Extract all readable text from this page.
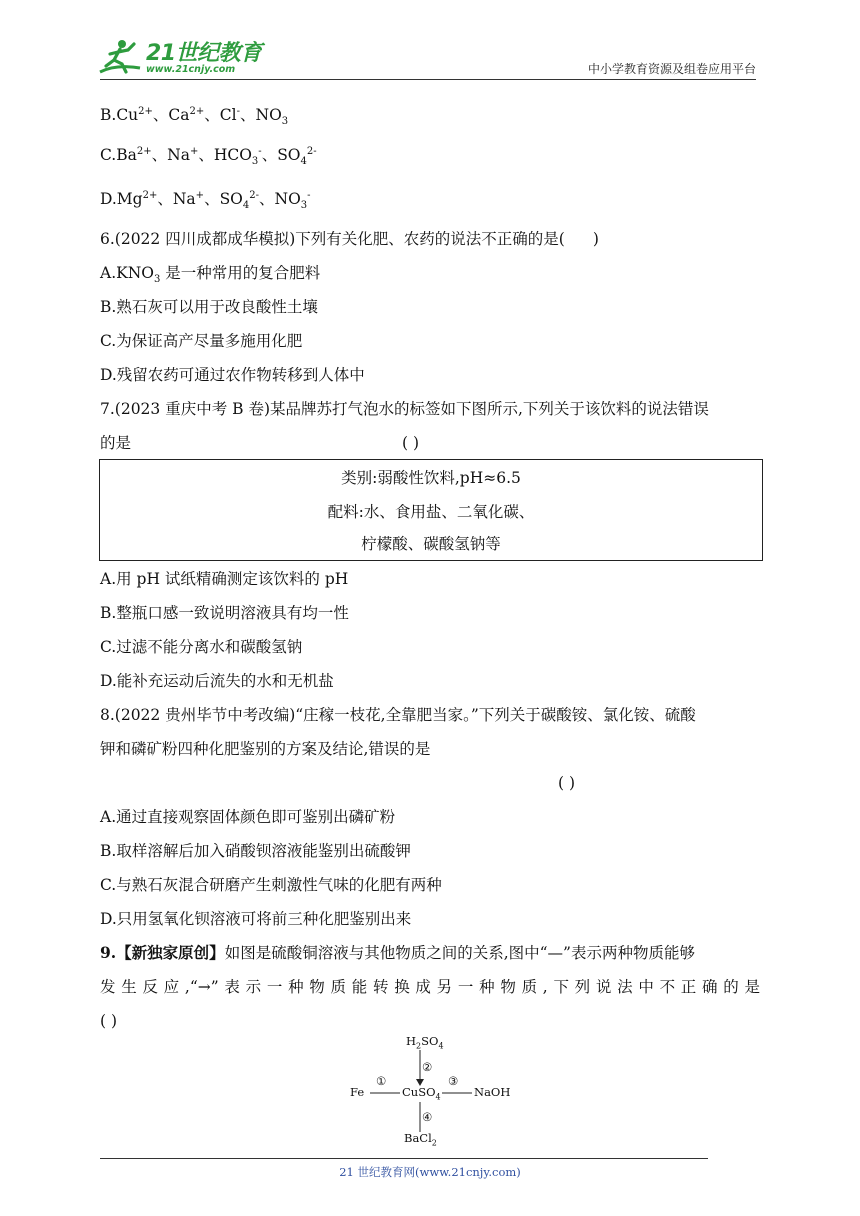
21世纪教育
www.21cnjy.com	中小学教育资源及组卷应用平台
$B.Cu^{2+}$、$Ca^{2+}$、Cl-、$NO_3$
$C.Ba^{2+}$、Na+、$HCO_3^-$、$SO_4^{2-}$
$D.Mg^{2+}$、Na+、$SO_4^{2-}$、$NO_3^-$
6.(2022 四川成都成华模拟)下列有关化肥、农药的说法不正确的是( )
$A.KNO_3$ 是一种常用的复合肥料
B.熟石灰可以用于改良酸性土壤
C.为保证高产尽量多施用化肥
D.残留农药可通过农作物转移到人体中
7.(2023 重庆中考 B 卷)某品牌苏打气泡水的标签如下图所示,下列关于该饮料的说法错误
的是	( )
类别:弱酸性饮料,pH≈6.5
配料:水、食用盐、二氧化碳、
柠檬酸、碳酸氢钠等
A.用 pH 试纸精确测定该饮料的 pH
B.整瓶口感一致说明溶液具有均一性
C.过滤不能分离水和碳酸氢钠
D.能补充运动后流失的水和无机盐
8.(2022 贵州毕节中考改编)“庄稼一枝花,全靠肥当家。”下列关于碳酸铵、氯化铵、硫酸
钾和磷矿粉四种化肥鉴别的方案及结论,错误的是
( )
A.通过直接观察固体颜色即可鉴别出磷矿粉
B.取样溶解后加入硝酸钡溶液能鉴别出硫酸钾
C.与熟石灰混合研磨产生刺激性气味的化肥有两种
D.只用氢氧化钡溶液可将前三种化肥鉴别出来
9.【新独家原创】如图是硫酸铜溶液与其他物质之间的关系,图中“—”表示两种物质能够
发生反应,“→”表示一种物质能转换成另一种物质,下列说法中不正确的是
( )
$H_2SO_4$
②
Fe
①
CuSO$_4$
③
NaOH
④
BaCl$_2$
21 世纪教育网(www.21cnjy.com)
